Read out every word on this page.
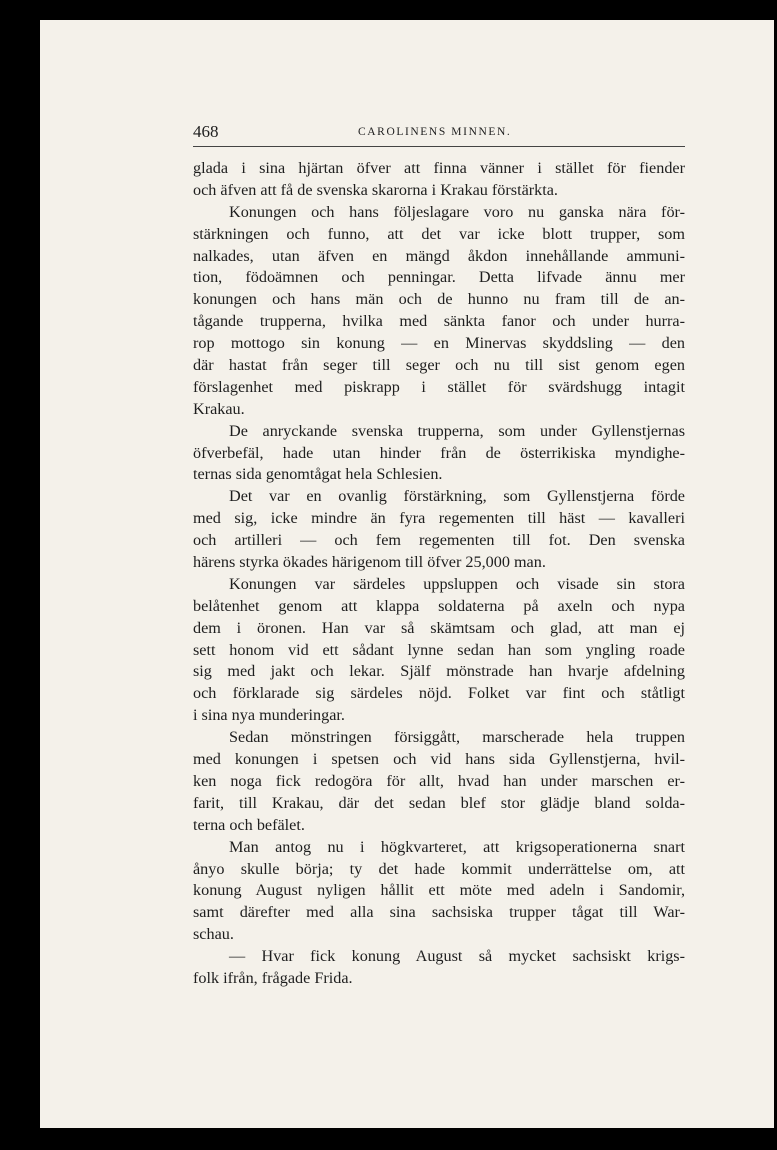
468	CAROLINENS MINNEN.
glada i sina hjärtan öfver att finna vänner i stället för fiender
och äfven att få de svenska skarorna i Krakau förstärkta.
Konungen och hans följeslagare voro nu ganska nära för-
stärkningen och funno, att det var icke blott trupper, som
nalkades, utan äfven en mängd åkdon innehållande ammuni-
tion, födoämnen och penningar. Detta lifvade ännu mer
konungen och hans män och de hunno nu fram till de an-
tågande trupperna, hvilka med sänkta fanor och under hurra-
rop mottogo sin konung — en Minervas skyddsling — den
där hastat från seger till seger och nu till sist genom egen
förslagenhet med piskrapp i stället för svärdshugg intagit
Krakau.
De anryckande svenska trupperna, som under Gyllenstjernas
öfverbefäl, hade utan hinder från de österrikiska myndighe-
ternas sida genomtågat hela Schlesien.
Det var en ovanlig förstärkning, som Gyllenstjerna förde
med sig, icke mindre än fyra regementen till häst — kavalleri
och artilleri — och fem regementen till fot. Den svenska
härens styrka ökades härigenom till öfver 25,000 man.
Konungen var särdeles uppsluppen och visade sin stora
belåtenhet genom att klappa soldaterna på axeln och nypa
dem i öronen. Han var så skämtsam och glad, att man ej
sett honom vid ett sådant lynne sedan han som yngling roade
sig med jakt och lekar. Själf mönstrade han hvarje afdelning
och förklarade sig särdeles nöjd. Folket var fint och ståtligt
i sina nya munderingar.
Sedan mönstringen försiggått, marscherade hela truppen
med konungen i spetsen och vid hans sida Gyllenstjerna, hvil-
ken noga fick redogöra för allt, hvad han under marschen er-
farit, till Krakau, där det sedan blef stor glädje bland solda-
terna och befälet.
Man antog nu i högkvarteret, att krigsoperationerna snart
ånyo skulle börja; ty det hade kommit underrättelse om, att
konung August nyligen hållit ett möte med adeln i Sandomir,
samt därefter med alla sina sachsiska trupper tågat till War-
schau.
— Hvar fick konung August så mycket sachsiskt krigs-
folk ifrån, frågade Frida.
